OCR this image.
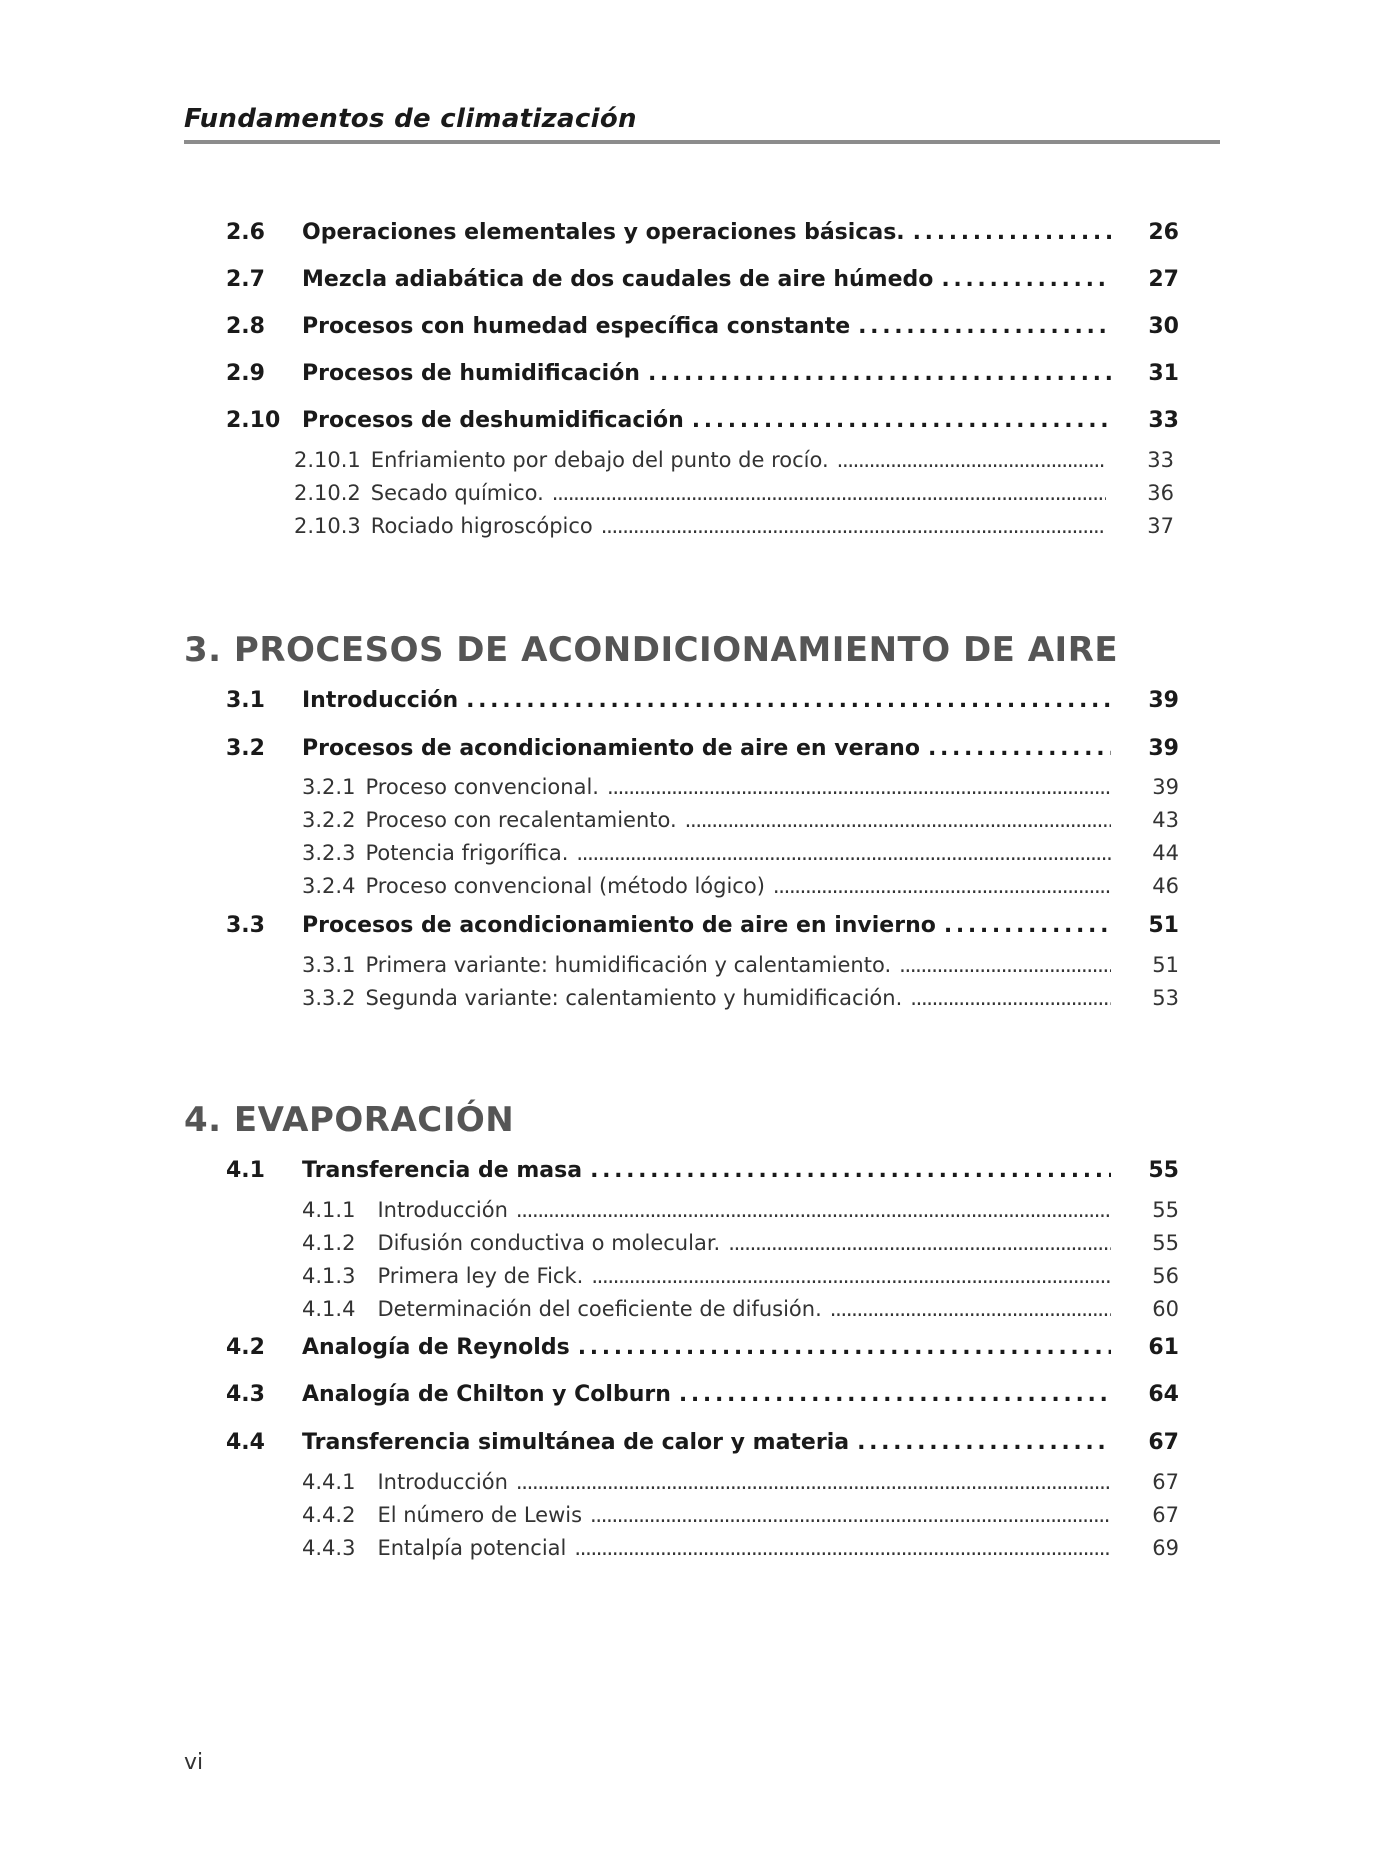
Fundamentos de climatización
2.6	Operaciones elementales y operaciones básicas. . . .	26
2.7	Mezcla adiabática de dos caudales de aire húmedo . . .	27
2.8	Procesos con humedad específica constante . . .	30
2.9	Procesos de humidificación . . .	31
2.10 Procesos de deshumidificación . . .	33
2.10.1 Enfriamiento por debajo del punto de rocío. . . .	33
2.10.2 Secado químico. . . .	36
2.10.3 Rociado higroscópico . . .	37
3. PROCESOS DE ACONDICIONAMIENTO DE AIRE
3.1	Introducción . . .	39
3.2	Procesos de acondicionamiento de aire en verano . . .	39
3.2.1 Proceso convencional. . . .	39
3.2.2 Proceso con recalentamiento. . . .	43
3.2.3 Potencia frigorífica. . . .	44
3.2.4 Proceso convencional (método lógico) . . .	46
3.3	Procesos de acondicionamiento de aire en invierno . . .	51
3.3.1 Primera variante: humidificación y calentamiento. . . .	51
3.3.2 Segunda variante: calentamiento y humidificación. . . .	53
4. EVAPORACIÓN
4.1	Transferencia de masa . . .	55
4.1.1 Introducción . . .	55
4.1.2 Difusión conductiva o molecular. . . .	55
4.1.3 Primera ley de Fick. . . .	56
4.1.4 Determinación del coeficiente de difusión. . . .	60
4.2	Analogía de Reynolds . . .	61
4.3	Analogía de Chilton y Colburn . . .	64
4.4	Transferencia simultánea de calor y materia . . .	67
4.4.1 Introducción . . .	67
4.4.2 El número de Lewis . . .	67
4.4.3 Entalpía potencial . . .	69
vi
